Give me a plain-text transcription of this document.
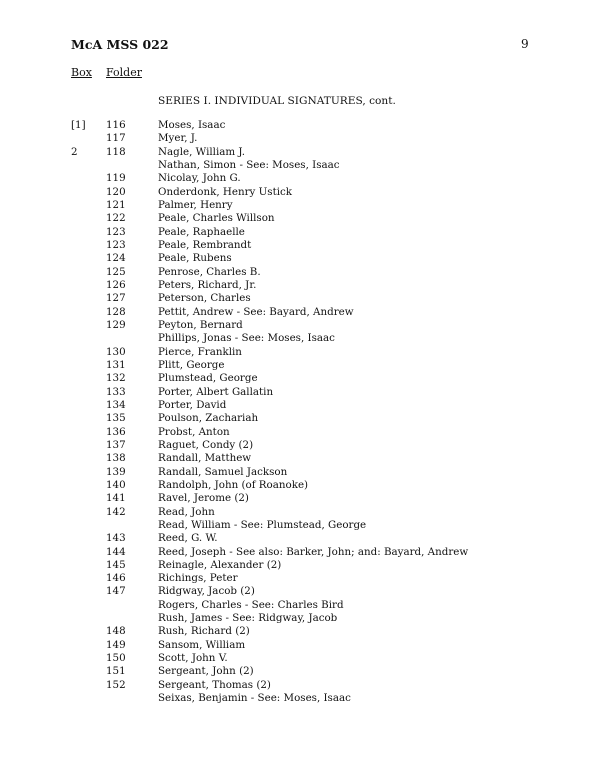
McA MSS 022	9
Box Folder
SERIES I. INDIVIDUAL SIGNATURES, cont.
[1] 116	Moses, Isaac
117	Myer, J.
2	118	Nagle, William J.
Nathan, Simon - See: Moses, Isaac
119	Nicolay, John G.
120	Onderdonk, Henry Ustick
121	Palmer, Henry
122	Peale, Charles Willson
123	Peale, Raphaelle
123	Peale, Rembrandt
124	Peale, Rubens
125	Penrose, Charles B.
126	Peters, Richard, Jr.
127	Peterson, Charles
128	Pettit, Andrew - See: Bayard, Andrew
129	Peyton, Bernard
Phillips, Jonas - See: Moses, Isaac
130	Pierce, Franklin
131	Plitt, George
132	Plumstead, George
133	Porter, Albert Gallatin
134	Porter, David
135	Poulson, Zachariah
136	Probst, Anton
137	Raguet, Condy (2)
138	Randall, Matthew
139	Randall, Samuel Jackson
140	Randolph, John (of Roanoke)
141	Ravel, Jerome (2)
142	Read, John
Read, William - See: Plumstead, George
143	Reed, G. W.
144	Reed, Joseph - See also: Barker, John; and: Bayard, Andrew
145	Reinagle, Alexander (2)
146	Richings, Peter
147	Ridgway, Jacob (2)
Rogers, Charles - See: Charles Bird
Rush, James - See: Ridgway, Jacob
148	Rush, Richard (2)
149	Sansom, William
150	Scott, John V.
151	Sergeant, John (2)
152	Sergeant, Thomas (2)
Seixas, Benjamin - See: Moses, Isaac
